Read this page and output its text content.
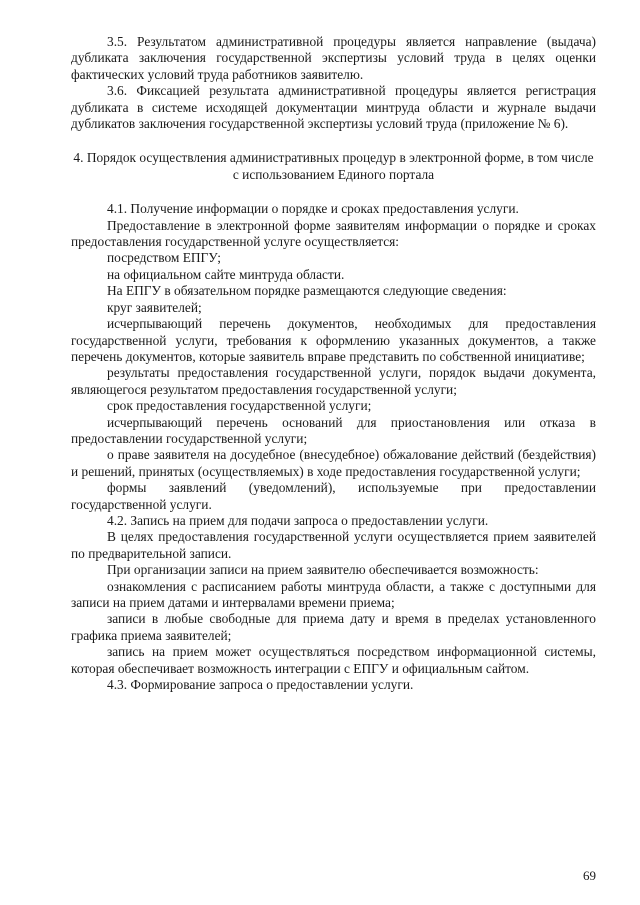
3.5. Результатом административной процедуры является направление (выдача) дубликата заключения государственной экспертизы условий труда в целях оценки фактических условий труда работников заявителю.

3.6. Фиксацией результата административной процедуры является регистрация дубликата в системе исходящей документации минтруда области и журнале выдачи дубликатов заключения государственной экспертизы условий труда (приложение № 6).

4. Порядок осуществления административных процедур в электронной форме, в том числе с использованием Единого портала

4.1. Получение информации о порядке и сроках предоставления услуги.

Предоставление в электронной форме заявителям информации о порядке и сроках предоставления государственной услуге осуществляется:

посредством ЕПГУ;

на официальном сайте минтруда области.

На ЕПГУ в обязательном порядке размещаются следующие сведения:

круг заявителей;

исчерпывающий перечень документов, необходимых для предоставления государственной услуги, требования к оформлению указанных документов, а также перечень документов, которые заявитель вправе представить по собственной инициативе;

результаты предоставления государственной услуги, порядок выдачи документа, являющегося результатом предоставления государственной услуги;

срок предоставления государственной услуги;

исчерпывающий перечень оснований для приостановления или отказа в предоставлении государственной услуги;

о праве заявителя на досудебное (внесудебное) обжалование действий (бездействия) и решений, принятых (осуществляемых) в ходе предоставления государственной услуги;

формы заявлений (уведомлений), используемые при предоставлении государственной услуги.

4.2. Запись на прием для подачи запроса о предоставлении услуги.

В целях предоставления государственной услуги осуществляется прием заявителей по предварительной записи.

При организации записи на прием заявителю обеспечивается возможность:

ознакомления с расписанием работы минтруда области, а также с доступными для записи на прием датами и интервалами времени приема;

записи в любые свободные для приема дату и время в пределах установленного графика приема заявителей;

запись на прием может осуществляться посредством информационной системы, которая обеспечивает возможность интеграции с ЕПГУ и официальным сайтом.

4.3. Формирование запроса о предоставлении услуги.

69
